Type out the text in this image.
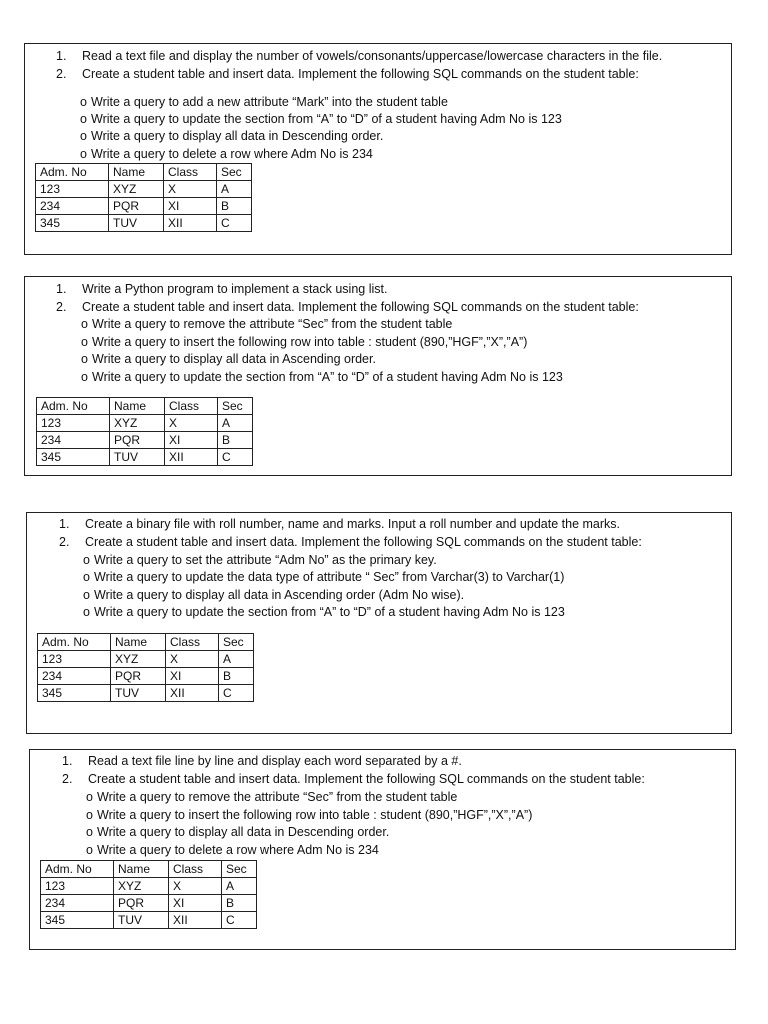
1. Read a text file and display the number of vowels/consonants/uppercase/lowercase characters in the file.
2. Create a student table and insert data. Implement the following SQL commands on the student table:
o Write a query to add a new attribute “Mark” into the student table
o Write a query to update the section from “A” to “D” of a student having Adm No is 123
o Write a query to display all data in Descending order.
o Write a query to delete a row where Adm No is 234
Adm. No	Name	Class	Sec
123	XYZ	X	A
234	PQR	XI	B
345	TUV	XII	C
1. Write a Python program to implement a stack using list.
2. Create a student table and insert data. Implement the following SQL commands on the student table:
o Write a query to remove the attribute “Sec” from the student table
o Write a query to insert the following row into table : student (890,”HGF”,”X”,”A”)
o Write a query to display all data in Ascending order.
o Write a query to update the section from “A” to “D” of a student having Adm No is 123
Adm. No	Name	Class	Sec
123	XYZ	X	A
234	PQR	XI	B
345	TUV	XII	C
1. Create a binary file with roll number, name and marks. Input a roll number and update the marks.
2. Create a student table and insert data. Implement the following SQL commands on the student table:
o Write a query to set the attribute “Adm No” as the primary key.
o Write a query to update the data type of attribute “ Sec” from Varchar(3) to Varchar(1)
o Write a query to display all data in Ascending order (Adm No wise).
o Write a query to update the section from “A” to “D” of a student having Adm No is 123
Adm. No	Name	Class	Sec
123	XYZ	X	A
234	PQR	XI	B
345	TUV	XII	C
1. Read a text file line by line and display each word separated by a #.
2. Create a student table and insert data. Implement the following SQL commands on the student table:
o Write a query to remove the attribute “Sec” from the student table
o Write a query to insert the following row into table : student (890,”HGF”,”X”,”A”)
o Write a query to display all data in Descending order.
o Write a query to delete a row where Adm No is 234
Adm. No	Name	Class	Sec
123	XYZ	X	A
234	PQR	XI	B
345	TUV	XII	C
